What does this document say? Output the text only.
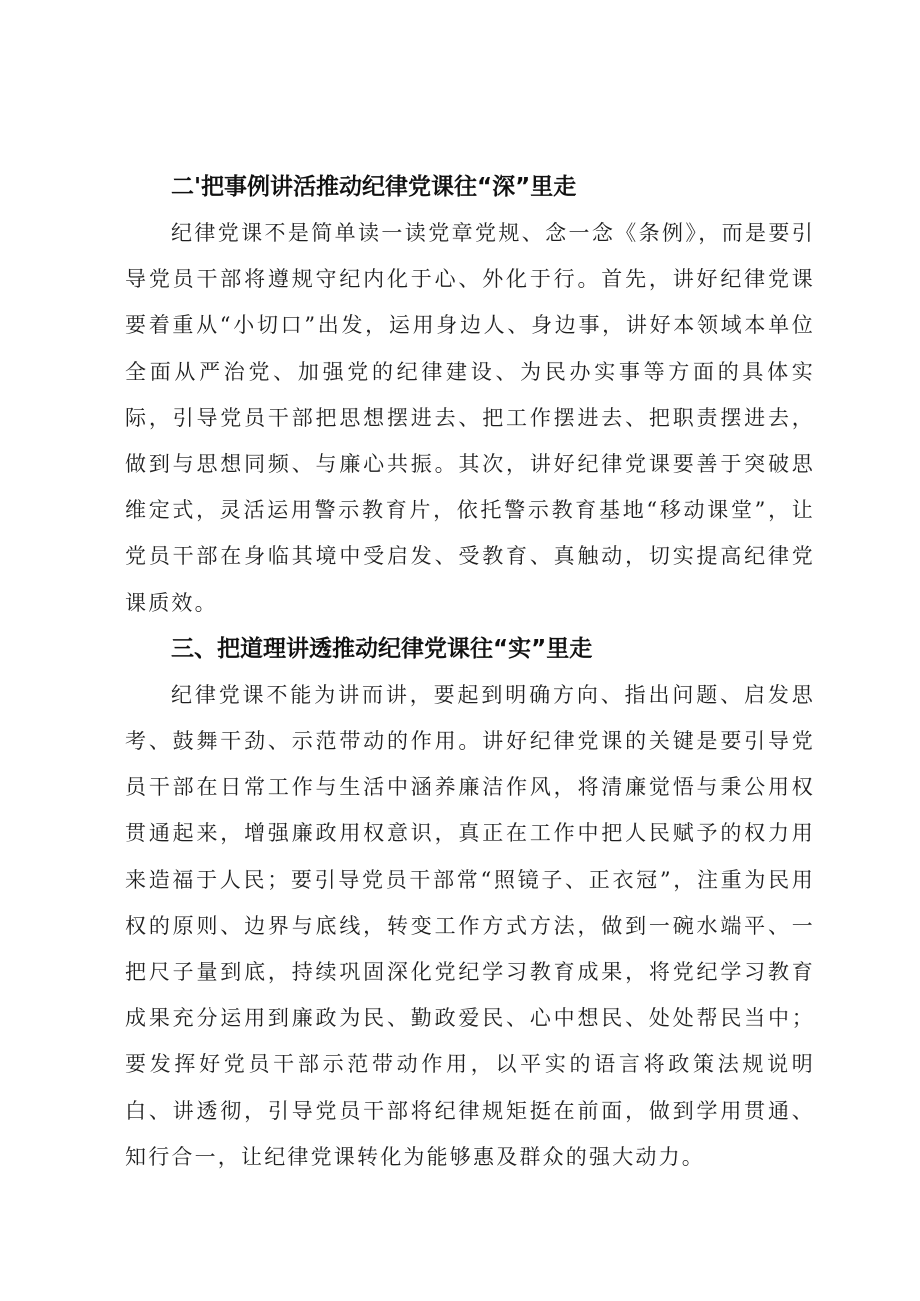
二'把事例讲活推动纪律党课往“深”里走

纪律党课不是简单读一读党章党规、念一念《条例》，而是要引导党员干部将遵规守纪内化于心、外化于行。首先，讲好纪律党课要着重从“小切口”出发，运用身边人、身边事，讲好本领域本单位全面从严治党、加强党的纪律建设、为民办实事等方面的具体实际，引导党员干部把思想摆进去、把工作摆进去、把职责摆进去，做到与思想同频、与廉心共振。其次，讲好纪律党课要善于突破思维定式，灵活运用警示教育片，依托警示教育基地“移动课堂”，让党员干部在身临其境中受启发、受教育、真触动，切实提高纪律党课质效。

三、把道理讲透推动纪律党课往“实”里走

纪律党课不能为讲而讲，要起到明确方向、指出问题、启发思考、鼓舞干劲、示范带动的作用。讲好纪律党课的关键是要引导党员干部在日常工作与生活中涵养廉洁作风，将清廉觉悟与秉公用权贯通起来，增强廉政用权意识，真正在工作中把人民赋予的权力用来造福于人民；要引导党员干部常“照镜子、正衣冠”，注重为民用权的原则、边界与底线，转变工作方式方法，做到一碗水端平、一把尺子量到底，持续巩固深化党纪学习教育成果，将党纪学习教育成果充分运用到廉政为民、勤政爱民、心中想民、处处帮民当中；要发挥好党员干部示范带动作用，以平实的语言将政策法规说明白、讲透彻，引导党员干部将纪律规矩挺在前面，做到学用贯通、知行合一，让纪律党课转化为能够惠及群众的强大动力。
